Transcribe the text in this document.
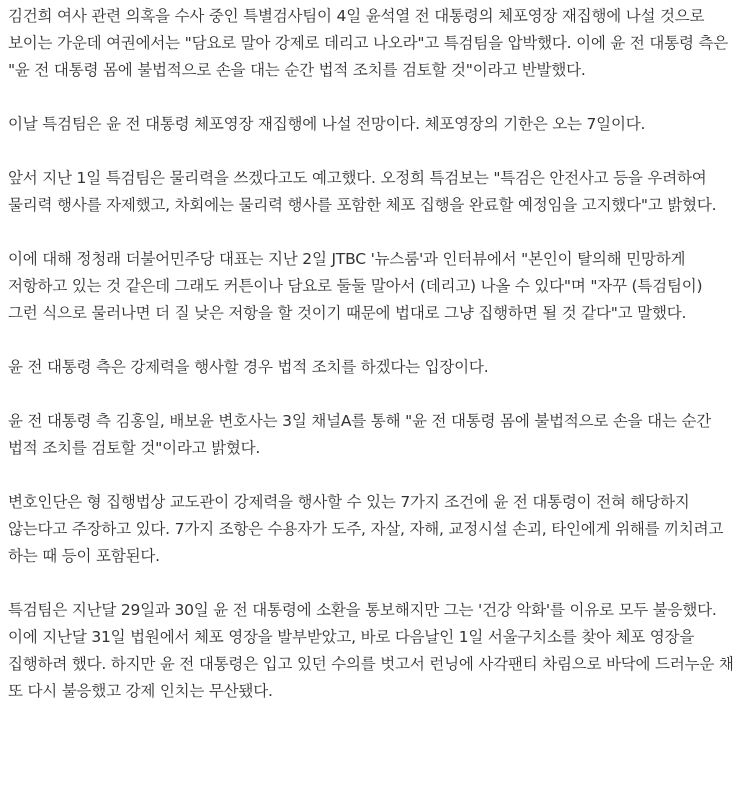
김건희 여사 관련 의혹을 수사 중인 특별검사팀이 4일 윤석열 전 대통령의 체포영장 재집행에 나설 것으로 보이는 가운데 여권에서는 "담요로 말아 강제로 데리고 나오라"고 특검팀을 압박했다. 이에 윤 전 대통령 측은 "윤 전 대통령 몸에 불법적으로 손을 대는 순간 법적 조치를 검토할 것"이라고 반발했다.

이날 특검팀은 윤 전 대통령 체포영장 재집행에 나설 전망이다. 체포영장의 기한은 오는 7일이다.

앞서 지난 1일 특검팀은 물리력을 쓰겠다고도 예고했다. 오정희 특검보는 "특검은 안전사고 등을 우려하여 물리력 행사를 자제했고, 차회에는 물리력 행사를 포함한 체포 집행을 완료할 예정임을 고지했다"고 밝혔다.

이에 대해 정청래 더불어민주당 대표는 지난 2일 JTBC '뉴스룸'과 인터뷰에서 "본인이 탈의해 민망하게 저항하고 있는 것 같은데 그래도 커튼이나 담요로 둘둘 말아서 (데리고) 나올 수 있다"며 "자꾸 (특검팀이) 그런 식으로 물러나면 더 질 낮은 저항을 할 것이기 때문에 법대로 그냥 집행하면 될 것 같다"고 말했다.

윤 전 대통령 측은 강제력을 행사할 경우 법적 조치를 하겠다는 입장이다.

윤 전 대통령 측 김홍일, 배보윤 변호사는 3일 채널A를 통해 "윤 전 대통령 몸에 불법적으로 손을 대는 순간 법적 조치를 검토할 것"이라고 밝혔다.

변호인단은 형 집행법상 교도관이 강제력을 행사할 수 있는 7가지 조건에 윤 전 대통령이 전혀 해당하지 않는다고 주장하고 있다. 7가지 조항은 수용자가 도주, 자살, 자해, 교정시설 손괴, 타인에게 위해를 끼치려고 하는 때 등이 포함된다.

특검팀은 지난달 29일과 30일 윤 전 대통령에 소환을 통보해지만 그는 '건강 악화'를 이유로 모두 불응했다. 이에 지난달 31일 법원에서 체포 영장을 발부받았고, 바로 다음날인 1일 서울구치소를 찾아 체포 영장을 집행하려 했다. 하지만 윤 전 대통령은 입고 있던 수의를 벗고서 런닝에 사각팬티 차림으로 바닥에 드러누운 채 또 다시 불응했고 강제 인치는 무산됐다.
